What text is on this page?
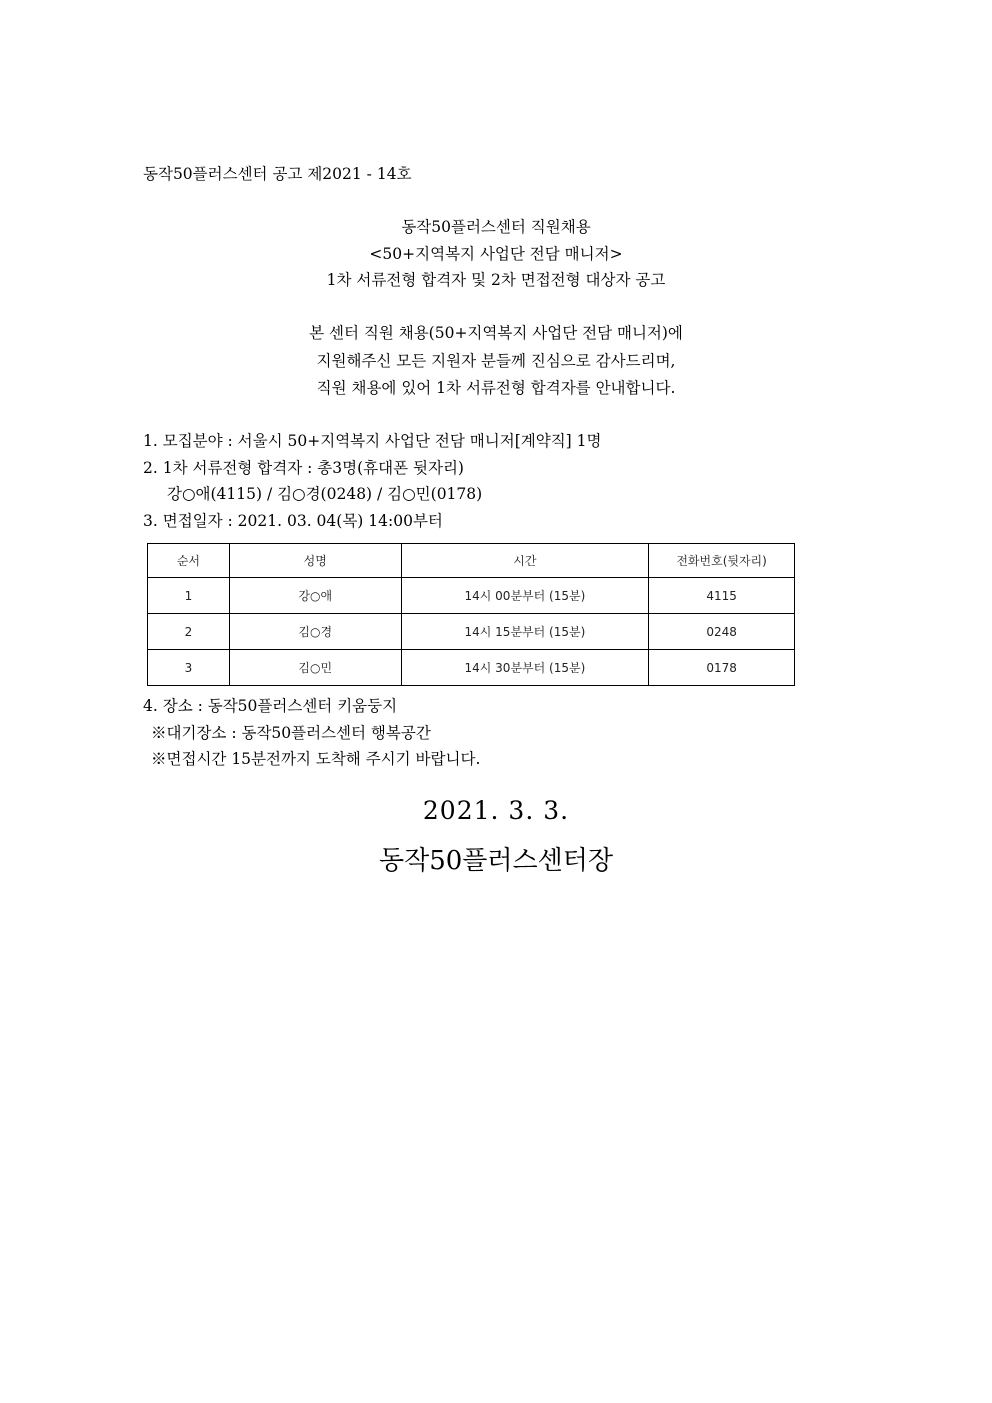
동작50플러스센터 공고 제2021 - 14호
동작50플러스센터 직원채용
<50+지역복지 사업단 전담 매니저>
1차 서류전형 합격자 및 2차 면접전형 대상자 공고
본 센터 직원 채용(50+지역복지 사업단 전담 매니저)에
지원해주신 모든 지원자 분들께 진심으로 감사드리며,
직원 채용에 있어 1차 서류전형 합격자를 안내합니다.
1. 모집분야 : 서울시 50+지역복지 사업단 전담 매니저[계약직] 1명
2. 1차 서류전형 합격자 : 총3명(휴대폰 뒷자리)
강○애(4115) / 김○경(0248) / 김○민(0178)
3. 면접일자 : 2021. 03. 04(목) 14:00부터
순서	성명	시간	전화번호(뒷자리)
1	강○애	14시 00분부터 (15분)	4115
2	김○경	14시 15분부터 (15분)	0248
3	김○민	14시 30분부터 (15분)	0178
4. 장소 : 동작50플러스센터 키움둥지
※대기장소 : 동작50플러스센터 행복공간
※면접시간 15분전까지 도착해 주시기 바랍니다.
2021. 3. 3.
동작50플러스센터장
